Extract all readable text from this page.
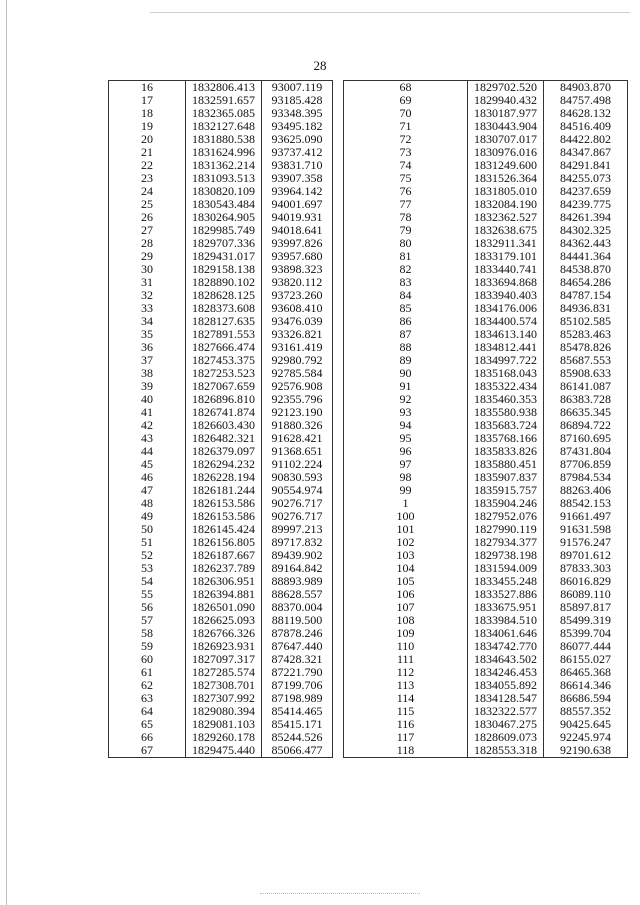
28
16	1832806.413	93007.119
17	1832591.657	93185.428
18	1832365.085	93348.395
19	1832127.648	93495.182
20	1831880.538	93625.090
21	1831624.996	93737.412
22	1831362.214	93831.710
23	1831093.513	93907.358
24	1830820.109	93964.142
25	1830543.484	94001.697
26	1830264.905	94019.931
27	1829985.749	94018.641
28	1829707.336	93997.826
29	1829431.017	93957.680
30	1829158.138	93898.323
31	1828890.102	93820.112
32	1828628.125	93723.260
33	1828373.608	93608.410
34	1828127.635	93476.039
35	1827891.553	93326.821
36	1827666.474	93161.419
37	1827453.375	92980.792
38	1827253.523	92785.584
39	1827067.659	92576.908
40	1826896.810	92355.796
41	1826741.874	92123.190
42	1826603.430	91880.326
43	1826482.321	91628.421
44	1826379.097	91368.651
45	1826294.232	91102.224
46	1826228.194	90830.593
47	1826181.244	90554.974
48	1826153.586	90276.717
49	1826153.586	90276.717
50	1826145.424	89997.213
51	1826156.805	89717.832
52	1826187.667	89439.902
53	1826237.789	89164.842
54	1826306.951	88893.989
55	1826394.881	88628.557
56	1826501.090	88370.004
57	1826625.093	88119.500
58	1826766.326	87878.246
59	1826923.931	87647.440
60	1827097.317	87428.321
61	1827285.574	87221.790
62	1827308.701	87199.706
63	1827307.992	87198.989
64	1829080.394	85414.465
65	1829081.103	85415.171
66	1829260.178	85244.526
67	1829475.440	85066.477
68	1829702.520	84903.870
69	1829940.432	84757.498
70	1830187.977	84628.132
71	1830443.904	84516.409
72	1830707.017	84422.802
73	1830976.016	84347.867
74	1831249.600	84291.841
75	1831526.364	84255.073
76	1831805.010	84237.659
77	1832084.190	84239.775
78	1832362.527	84261.394
79	1832638.675	84302.325
80	1832911.341	84362.443
81	1833179.101	84441.364
82	1833440.741	84538.870
83	1833694.868	84654.286
84	1833940.403	84787.154
85	1834176.006	84936.831
86	1834400.574	85102.585
87	1834613.140	85283.463
88	1834812.441	85478.826
89	1834997.722	85687.553
90	1835168.043	85908.633
91	1835322.434	86141.087
92	1835460.353	86383.728
93	1835580.938	86635.345
94	1835683.724	86894.722
95	1835768.166	87160.695
96	1835833.826	87431.804
97	1835880.451	87706.859
98	1835907.837	87984.534
99	1835915.757	88263.406
1	1835904.246	88542.153
100	1827952.076	91661.497
101	1827990.119	91631.598
102	1827934.377	91576.247
103	1829738.198	89701.612
104	1831594.009	87833.303
105	1833455.248	86016.829
106	1833527.886	86089.110
107	1833675.951	85897.817
108	1833984.510	85499.319
109	1834061.646	85399.704
110	1834742.770	86077.444
111	1834643.502	86155.027
112	1834246.453	86465.368
113	1834055.892	86614.346
114	1834128.547	86686.594
115	1832322.577	88557.352
116	1830467.275	90425.645
117	1828609.073	92245.974
118	1828553.318	92190.638
